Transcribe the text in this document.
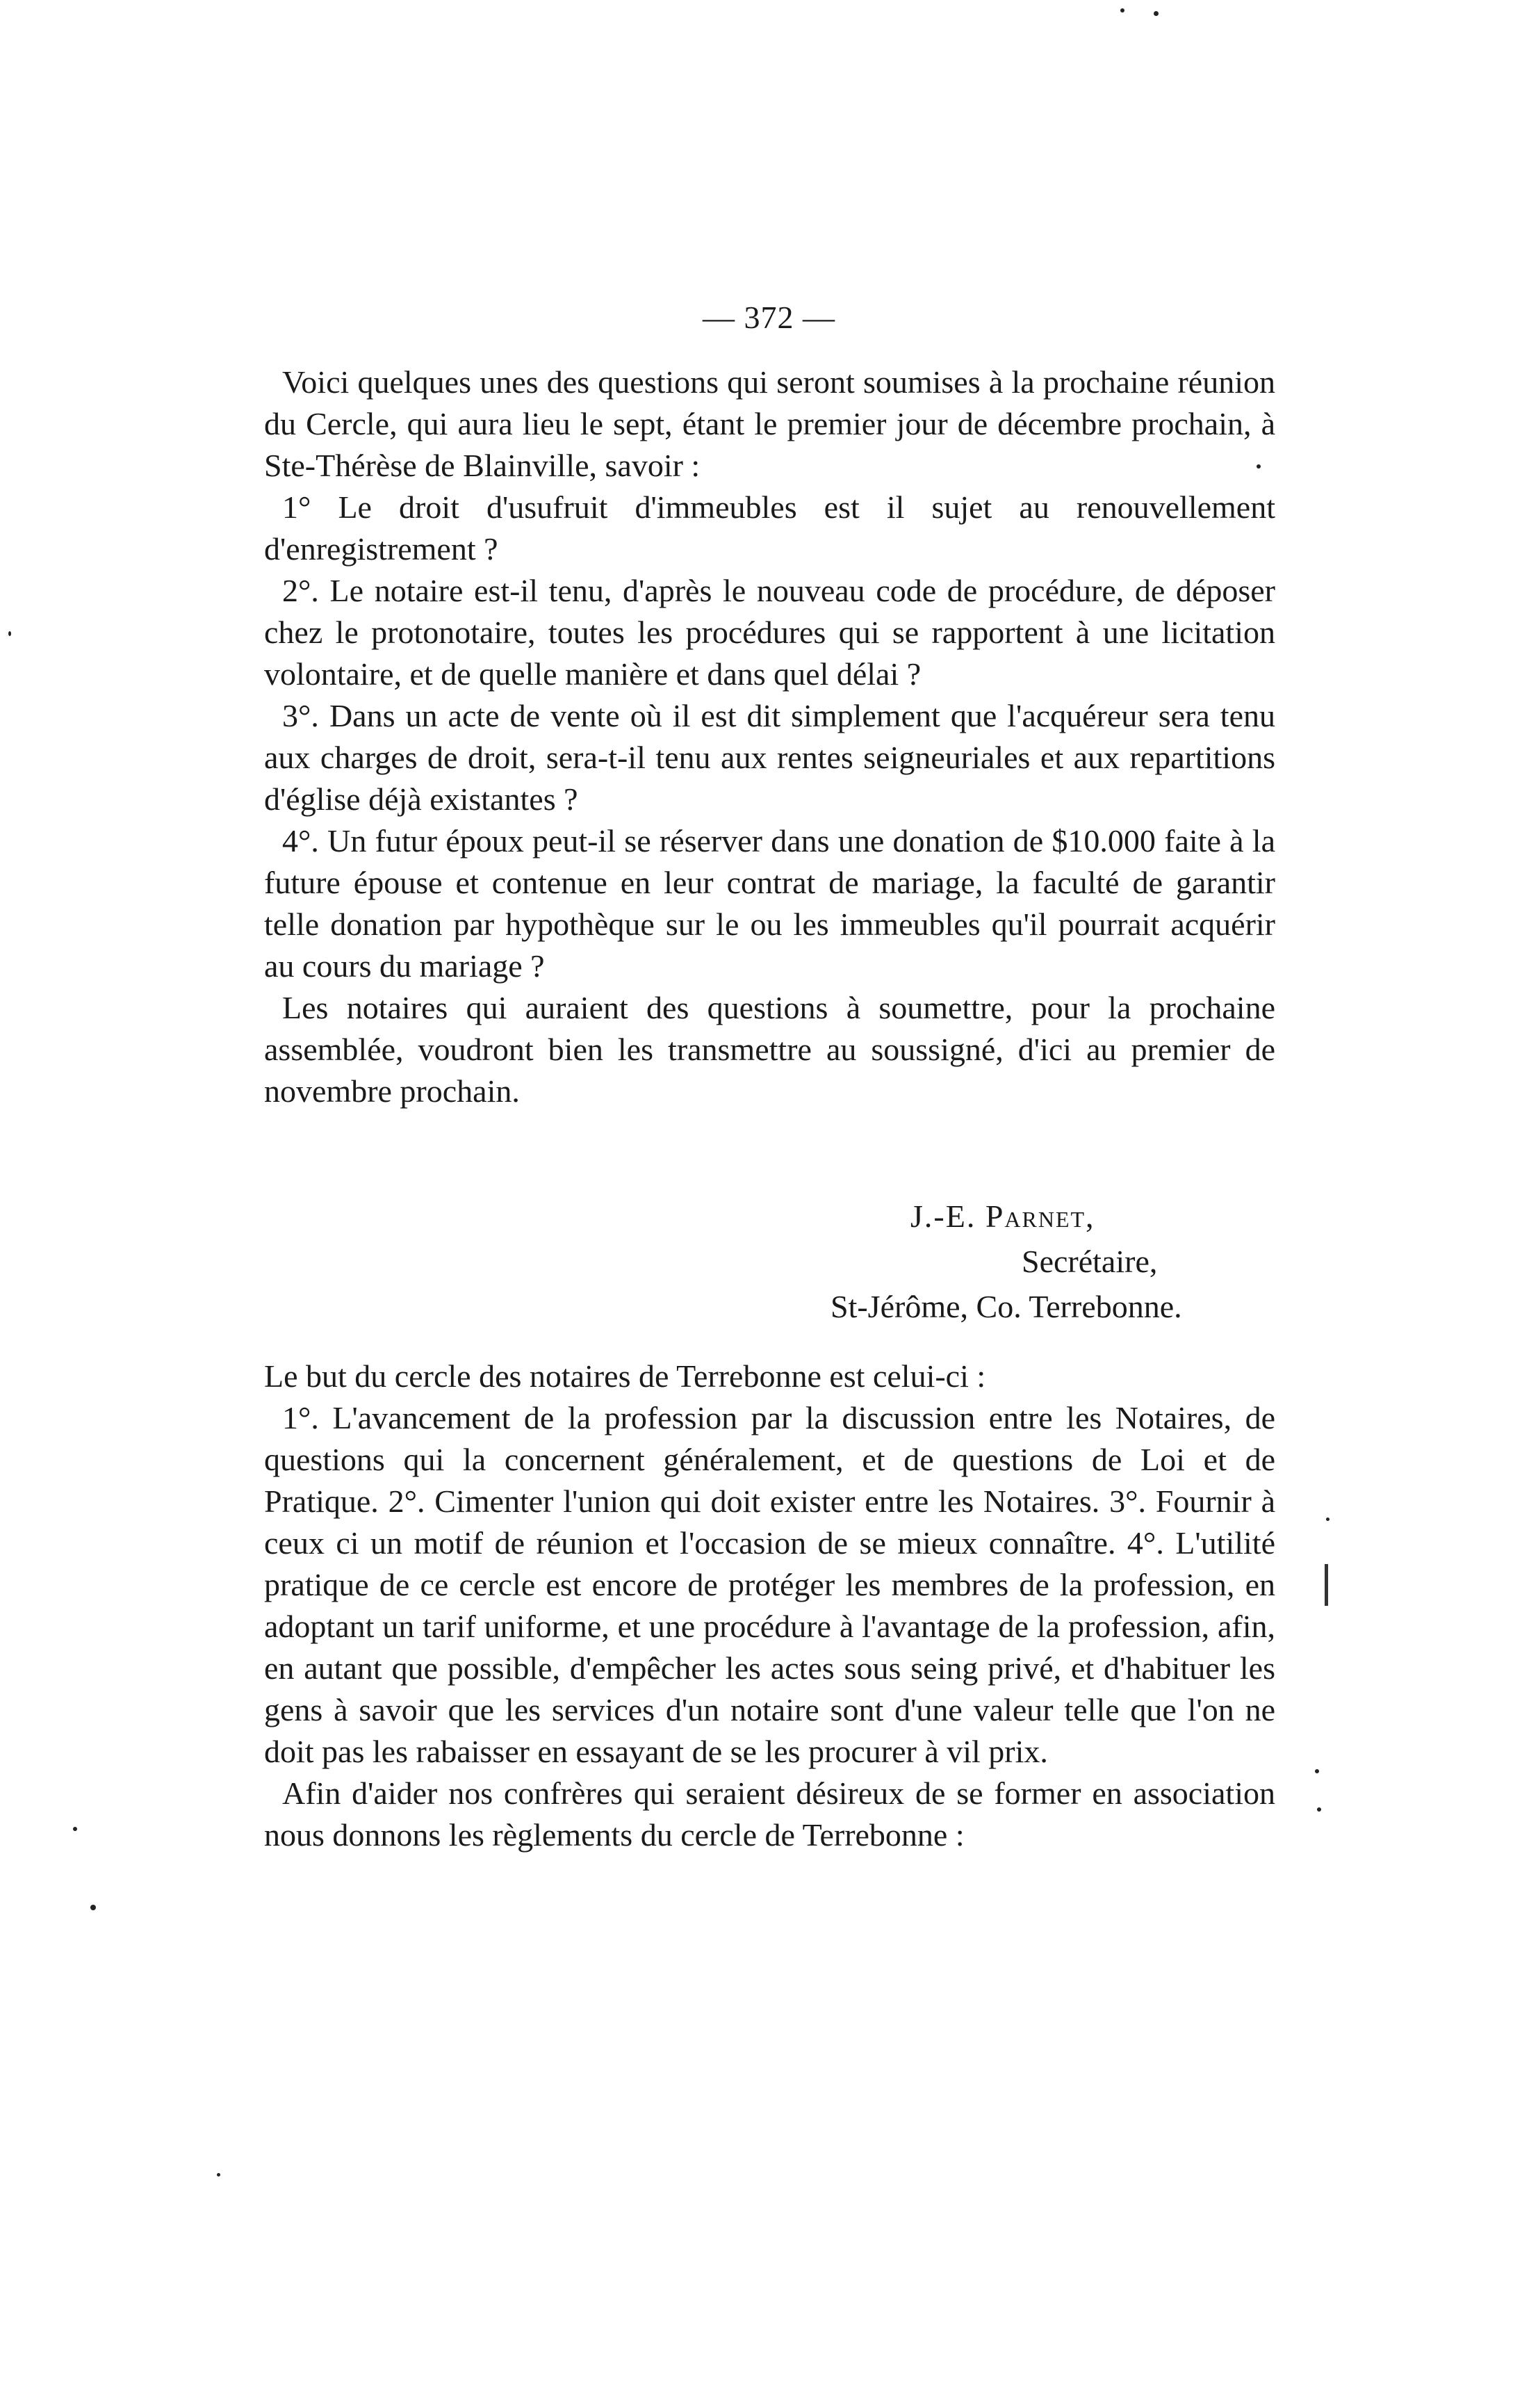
— 372 —

Voici quelques unes des questions qui seront soumises à la prochaine réunion du Cercle, qui aura lieu le sept, étant le premier jour de décembre prochain, à Ste-Thérèse de Blainville, savoir :

1° Le droit d'usufruit d'immeubles est il sujet au renouvellement d'enregistrement ?

2°. Le notaire est-il tenu, d'après le nouveau code de procédure, de déposer chez le protonotaire, toutes les procédures qui se rapportent à une licitation volontaire, et de quelle manière et dans quel délai ?

3°. Dans un acte de vente où il est dit simplement que l'acquéreur sera tenu aux charges de droit, sera-t-il tenu aux rentes seigneuriales et aux repartitions d'église déjà existantes ?

4°. Un futur époux peut-il se réserver dans une donation de $10.000 faite à la future épouse et contenue en leur contrat de mariage, la faculté de garantir telle donation par hypothèque sur le ou les immeubles qu'il pourrait acquérir au cours du mariage ?

Les notaires qui auraient des questions à soumettre, pour la prochaine assemblée, voudront bien les transmettre au soussigné, d'ici au premier de novembre prochain.

J.-E. Parnet,
Secrétaire,
St-Jérôme, Co. Terrebonne.

Le but du cercle des notaires de Terrebonne est celui-ci :

1°. L'avancement de la profession par la discussion entre les Notaires, de questions qui la concernent généralement, et de questions de Loi et de Pratique. 2°. Cimenter l'union qui doit exister entre les Notaires. 3°. Fournir à ceux ci un motif de réunion et l'occasion de se mieux connaître. 4°. L'utilité pratique de ce cercle est encore de protéger les membres de la profession, en adoptant un tarif uniforme, et une procédure à l'avantage de la profession, afin, en autant que possible, d'empêcher les actes sous seing privé, et d'habituer les gens à savoir que les services d'un notaire sont d'une valeur telle que l'on ne doit pas les rabaisser en essayant de se les procurer à vil prix.

Afin d'aider nos confrères qui seraient désireux de se former en association nous donnons les règlements du cercle de Terrebonne :
